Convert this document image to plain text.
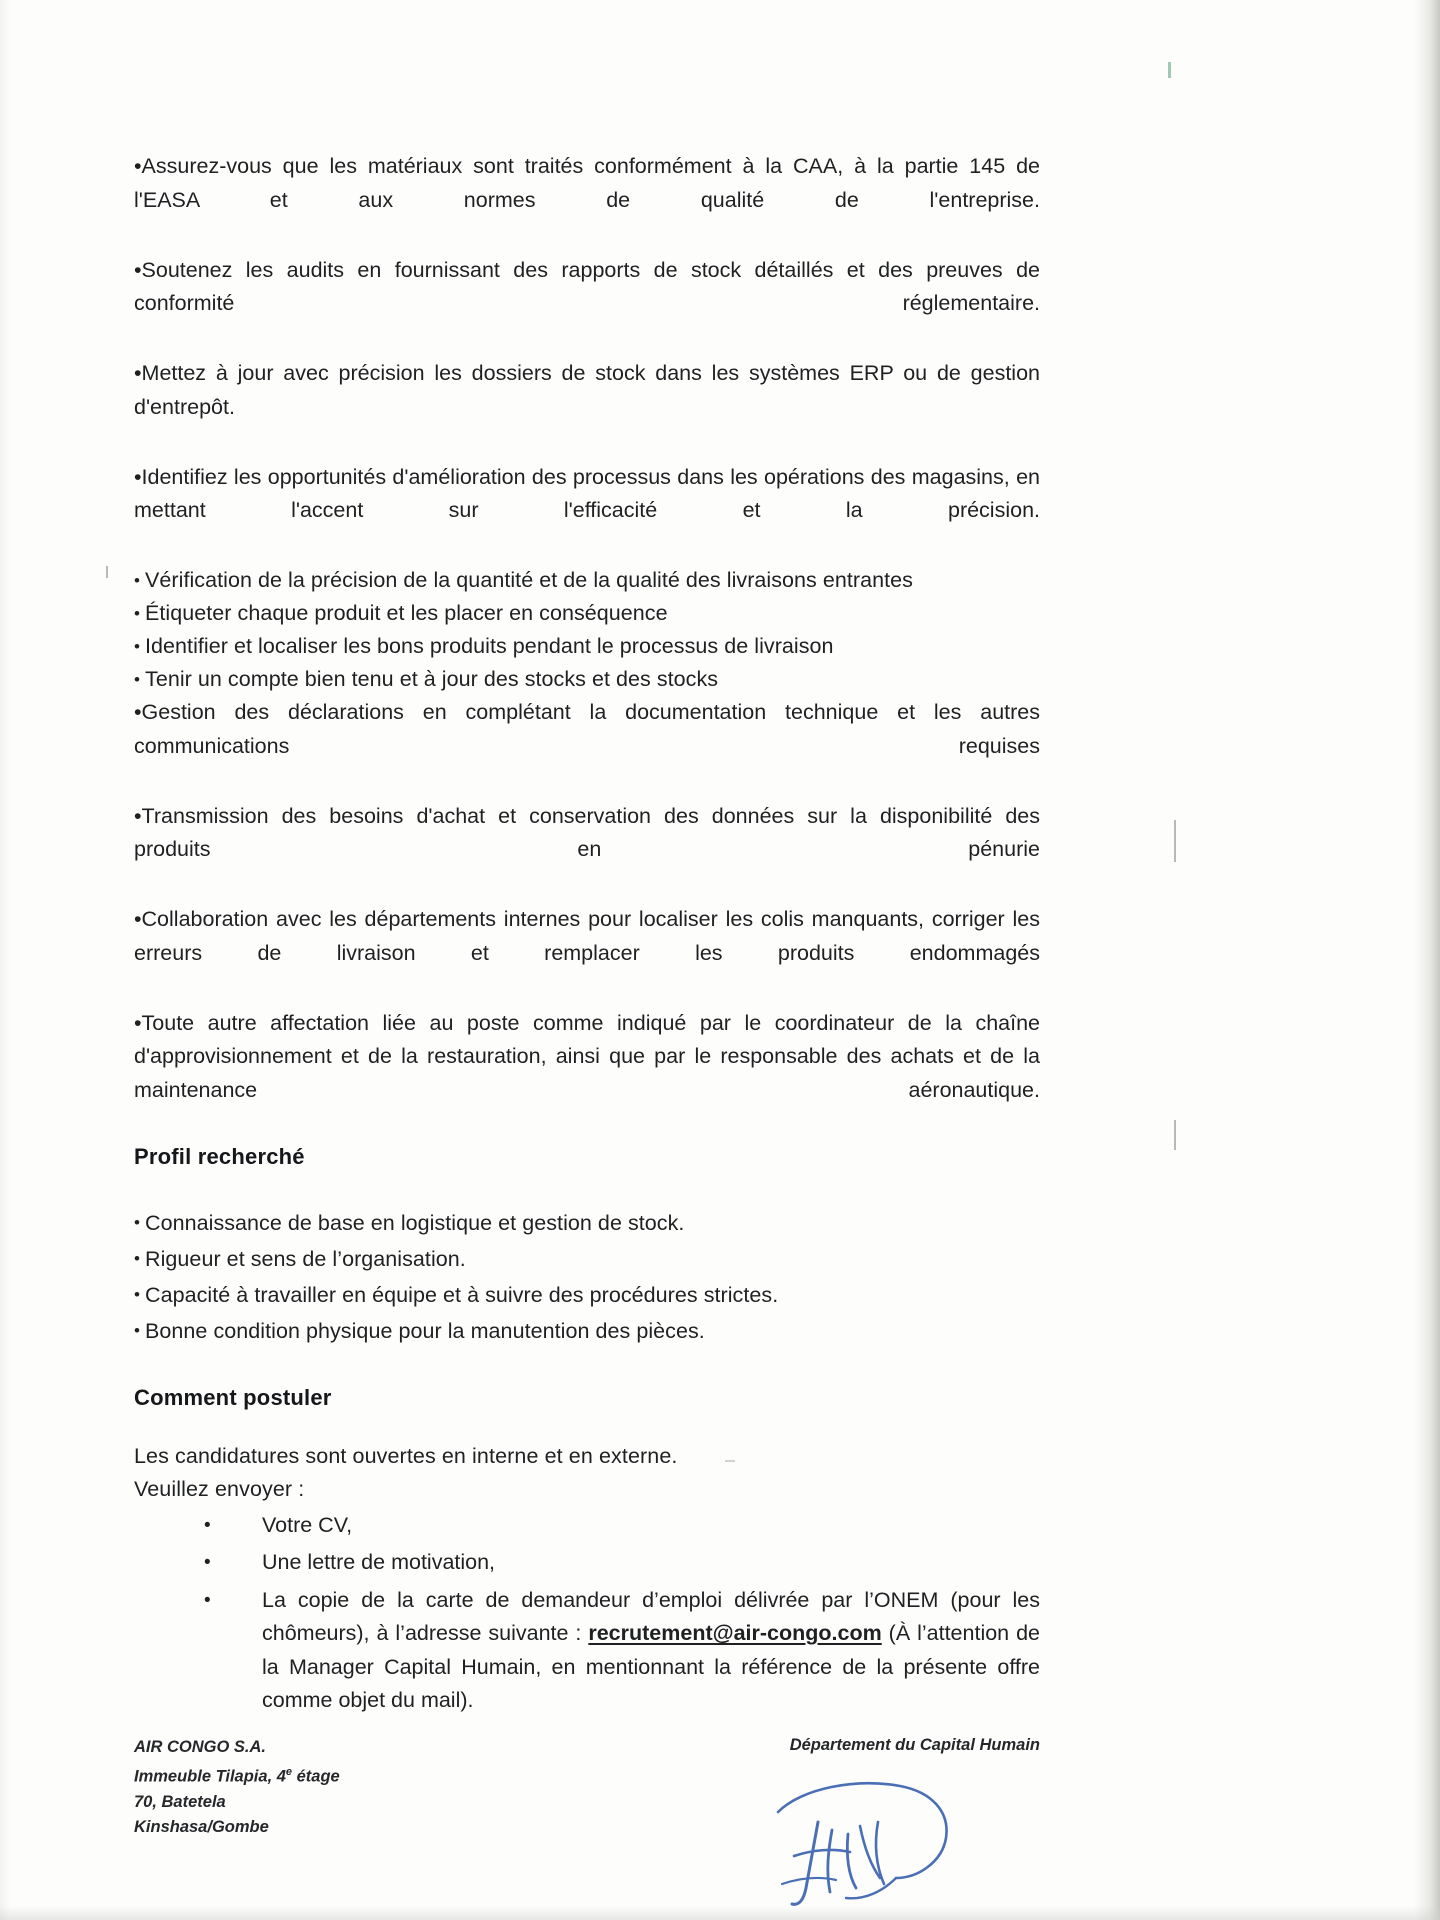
•Assurez-vous que les matériaux sont traités conformément à la CAA, à la partie 145 de l'EASA et aux normes de qualité de l'entreprise.

•Soutenez les audits en fournissant des rapports de stock détaillés et des preuves de conformité réglementaire.

•Mettez à jour avec précision les dossiers de stock dans les systèmes ERP ou de gestion d'entrepôt.

•Identifiez les opportunités d'amélioration des processus dans les opérations des magasins, en mettant l'accent sur l'efficacité et la précision.

• Vérification de la précision de la quantité et de la qualité des livraisons entrantes

• Étiqueter chaque produit et les placer en conséquence

• Identifier et localiser les bons produits pendant le processus de livraison

• Tenir un compte bien tenu et à jour des stocks et des stocks

•Gestion des déclarations en complétant la documentation technique et les autres communications requises

•Transmission des besoins d'achat et conservation des données sur la disponibilité des produits en pénurie

•Collaboration avec les départements internes pour localiser les colis manquants, corriger les erreurs de livraison et remplacer les produits endommagés

•Toute autre affectation liée au poste comme indiqué par le coordinateur de la chaîne d'approvisionnement et de la restauration, ainsi que par le responsable des achats et de la maintenance aéronautique.

Profil recherché

• Connaissance de base en logistique et gestion de stock.

• Rigueur et sens de l’organisation.

• Capacité à travailler en équipe et à suivre des procédures strictes.

• Bonne condition physique pour la manutention des pièces.

Comment postuler

Les candidatures sont ouvertes en interne et en externe.

Veuillez envoyer :

• Votre CV,
• Une lettre de motivation,
• La copie de la carte de demandeur d’emploi délivrée par l’ONEM (pour les chômeurs), à l’adresse suivante : recrutement@air-congo.com (À l’attention de la Manager Capital Humain, en mentionnant la référence de la présente offre comme objet du mail).
AIR CONGO S.A.
Immeuble Tilapia, 4e étage
70, Batetela
Kinshasa/Gombe
Département du Capital Humain
